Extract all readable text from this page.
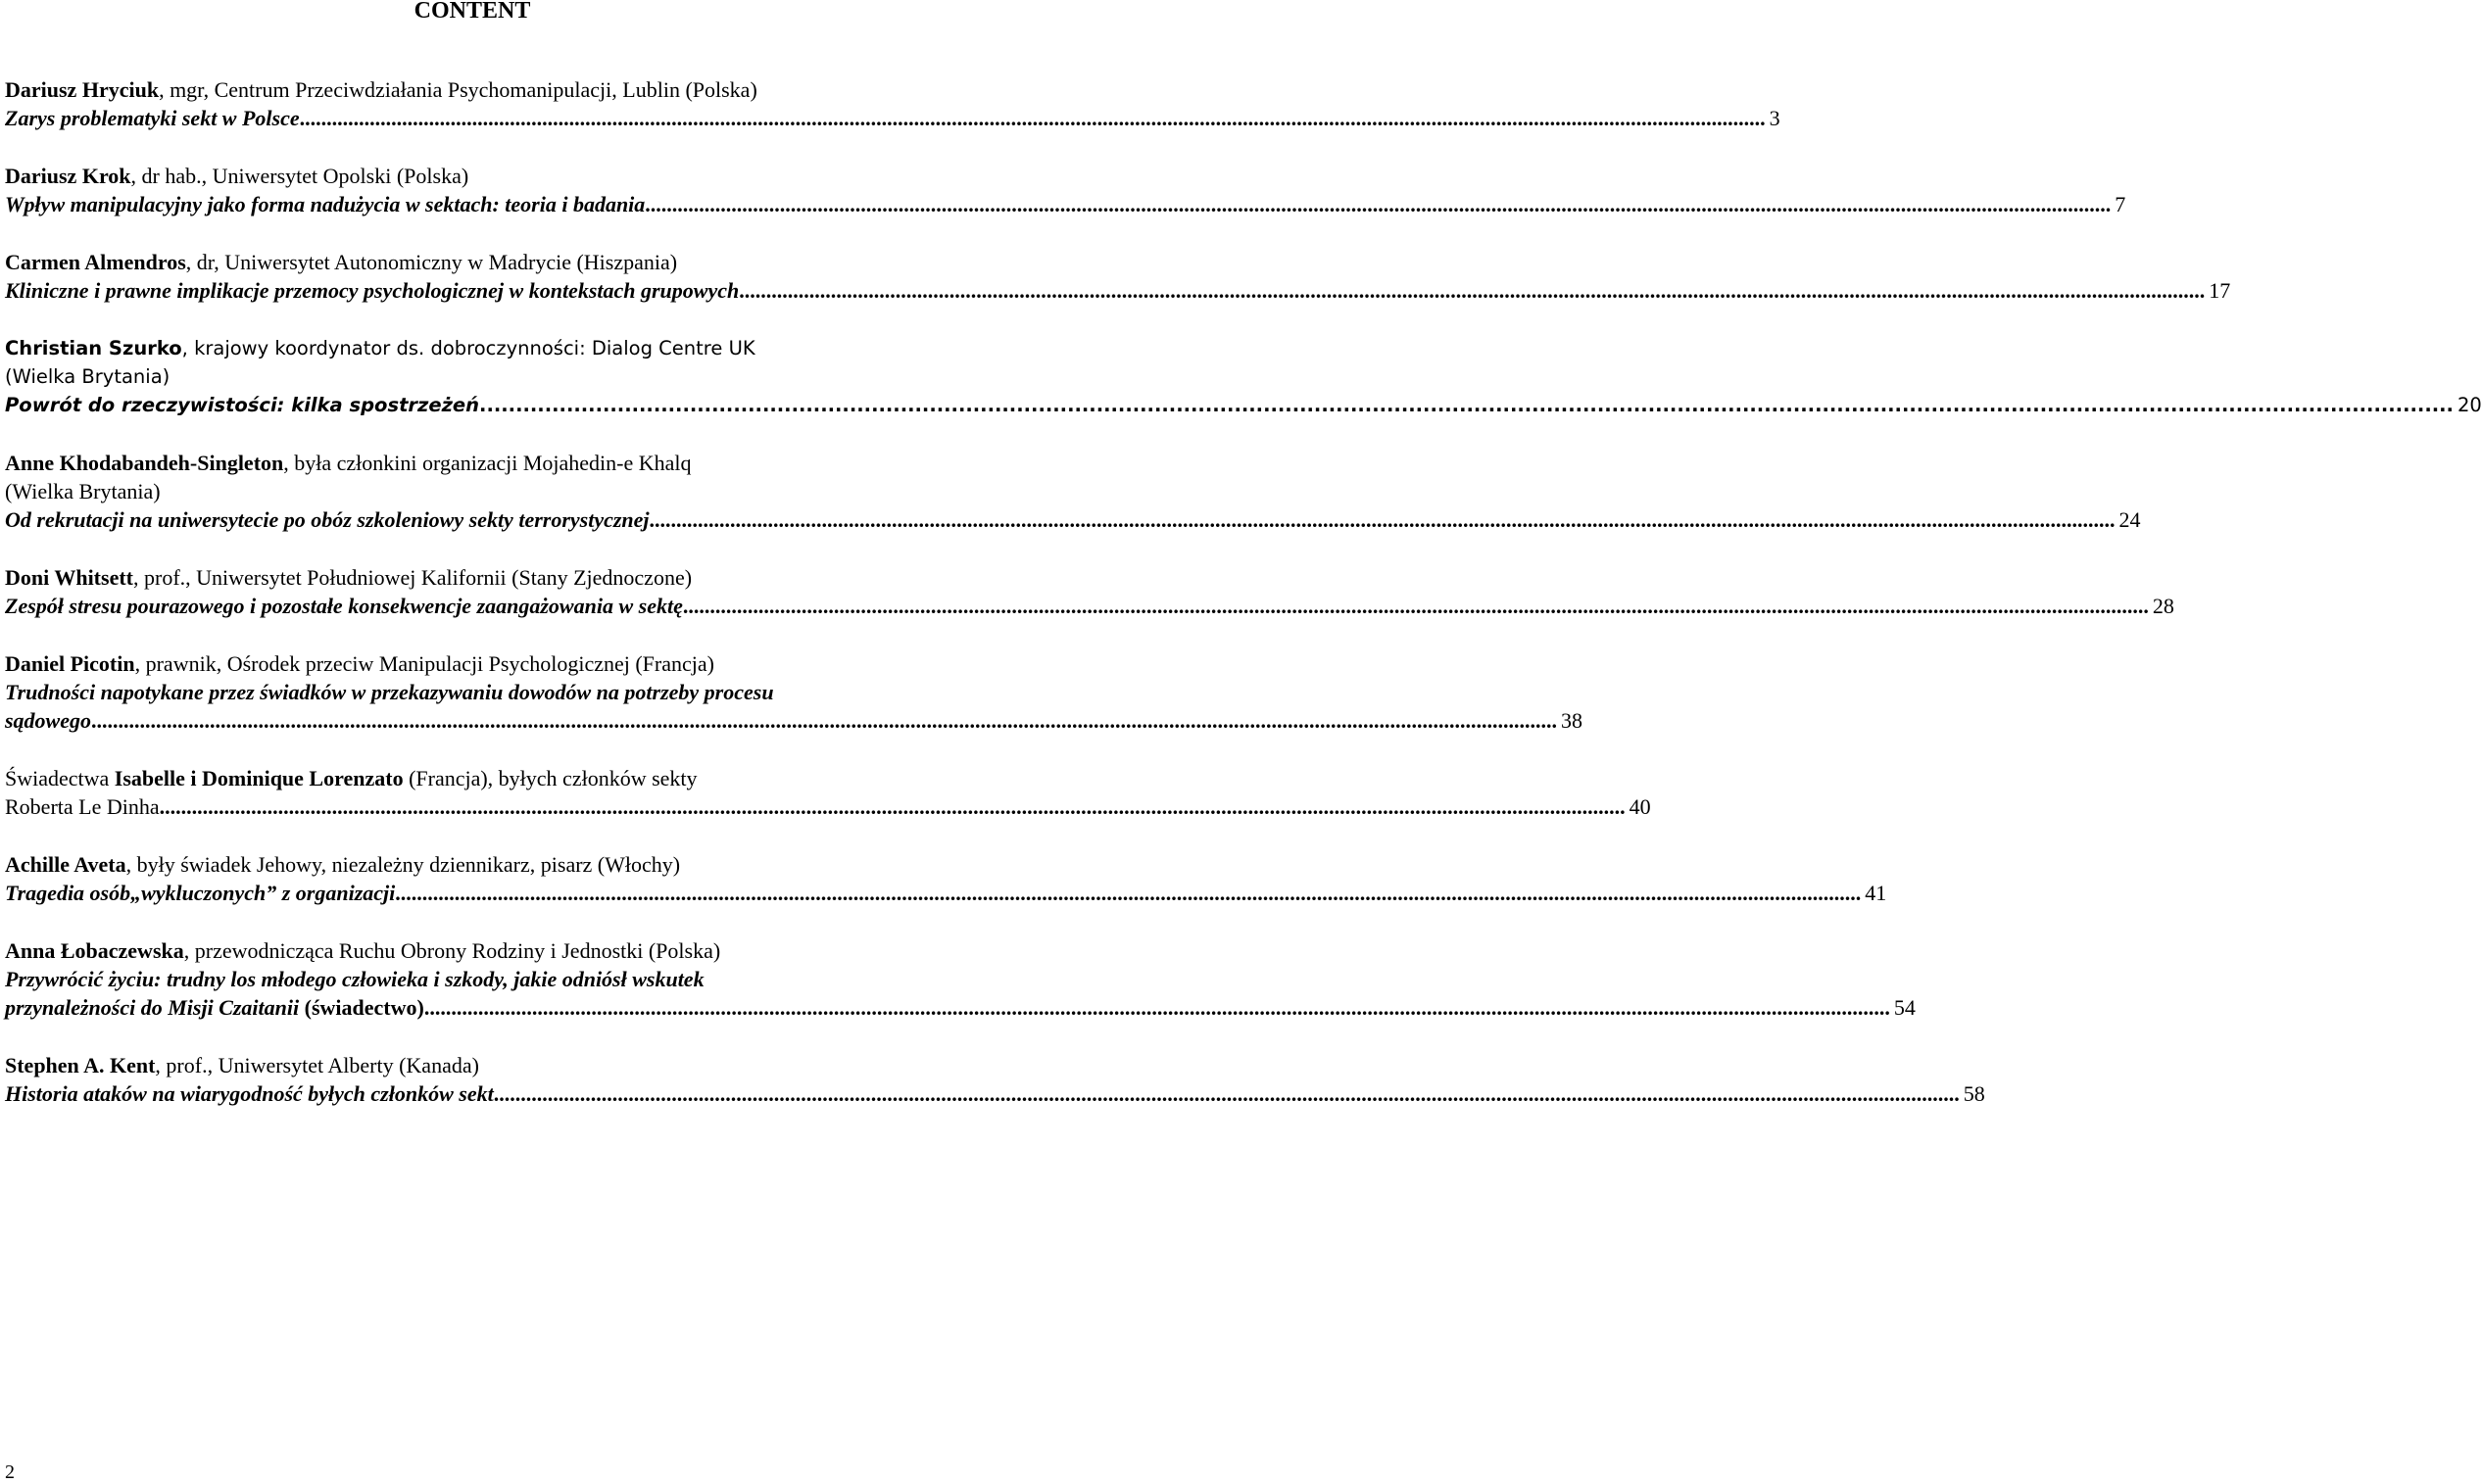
CONTENT
Dariusz Hryciuk, mgr, Centrum Przeciwdziałania Psychomanipulacji, Lublin (Polska)
Zarys problematyki sekt w Polsce .....	3
Dariusz Krok, dr hab., Uniwersytet Opolski (Polska)
Wpływ manipulacyjny jako forma nadużycia w sektach: teoria i badania .....	7
Carmen Almendros, dr, Uniwersytet Autonomiczny w Madrycie (Hiszpania)
Kliniczne i prawne implikacje przemocy psychologicznej w kontekstach grupowych .....	17
Christian Szurko, krajowy koordynator ds. dobroczynności: Dialog Centre UK
(Wielka Brytania)
Powrót do rzeczywistości: kilka spostrzeżeń .....	20
Anne Khodabandeh-Singleton, była członkini organizacji Mojahedin-e Khalq
(Wielka Brytania)
Od rekrutacji na uniwersytecie po obóz szkoleniowy sekty terrorystycznej .....	24
Doni Whitsett, prof., Uniwersytet Południowej Kalifornii (Stany Zjednoczone)
Zespół stresu pourazowego i pozostałe konsekwencje zaangażowania w sektę .....	28
Daniel Picotin, prawnik, Ośrodek przeciw Manipulacji Psychologicznej (Francja)
Trudności napotykane przez świadków w przekazywaniu dowodów na potrzeby procesu
sądowego .....	38
Świadectwa Isabelle i Dominique Lorenzato (Francja), byłych członków sekty
Roberta Le Dinha .....	40
Achille Aveta, były świadek Jehowy, niezależny dziennikarz, pisarz (Włochy)
Tragedia osób„wykluczonych” z organizacji .....	41
Anna Łobaczewska, przewodnicząca Ruchu Obrony Rodziny i Jednostki (Polska)
Przywrócić życiu: trudny los młodego człowieka i szkody, jakie odniósł wskutek
przynależności do Misji Czaitanii (świadectwo) .....	54
Stephen A. Kent, prof., Uniwersytet Alberty (Kanada)
Historia ataków na wiarygodność byłych członków sekt .....	58
2
